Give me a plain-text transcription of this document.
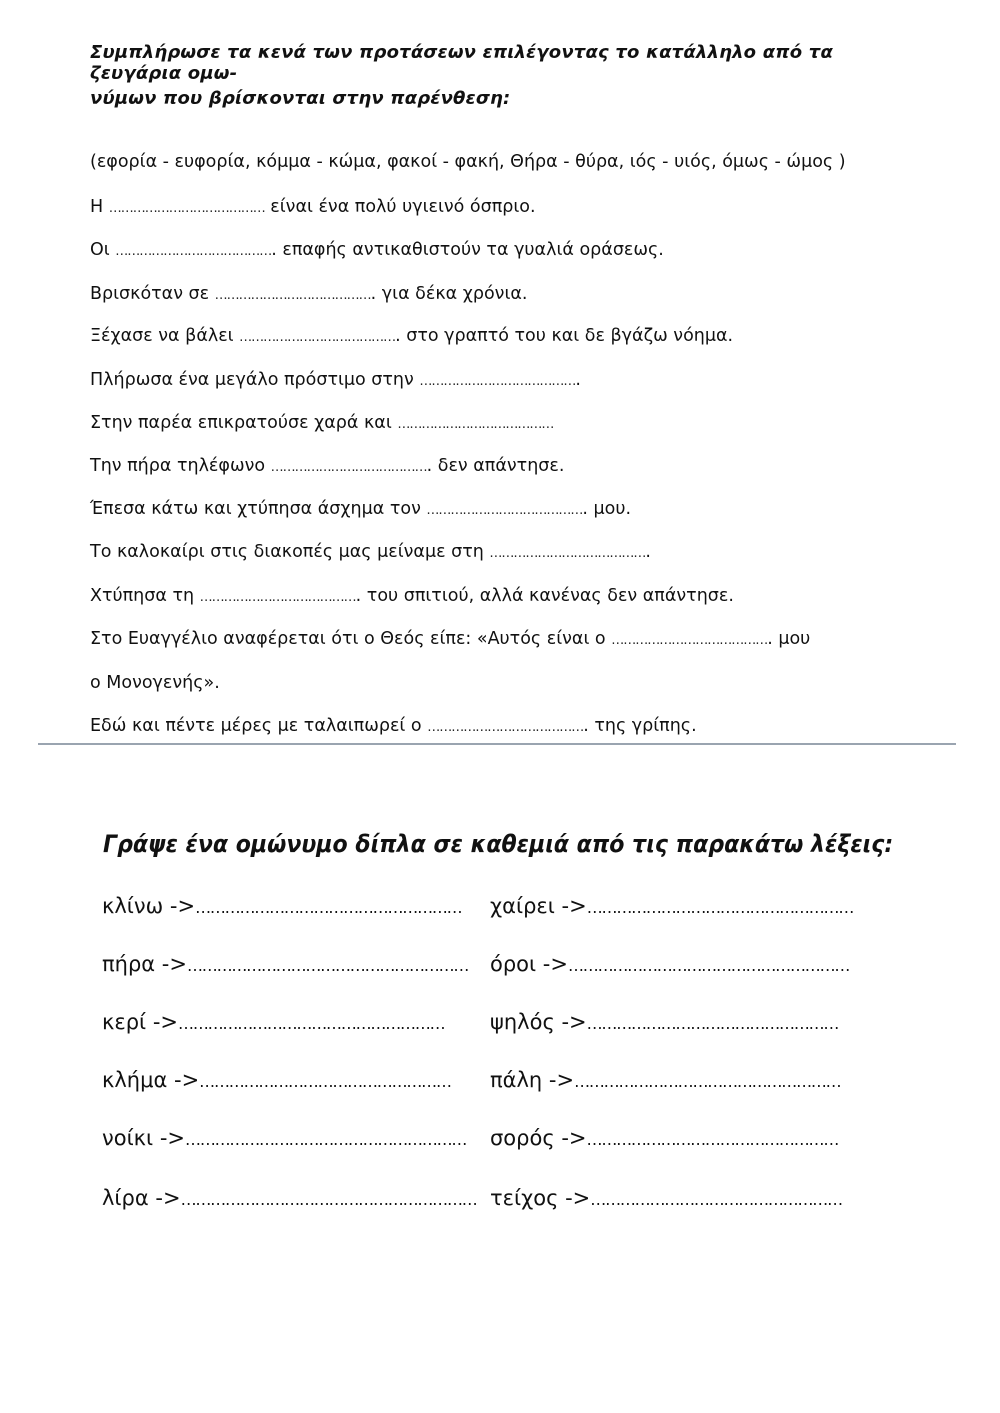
Συμπλήρωσε τα κενά των προτάσεων επιλέγοντας το κατάλληλο από τα ζευγάρια ομω-
νύμων που βρίσκονται στην παρένθεση:
(εφορία - ευφορία, κόμμα - κώμα, φακοί - φακή, Θήρα - θύρα, ιός - υιός, όμως - ώμος )
Η ………………………………… είναι ένα πολύ υγιεινό όσπριο.
Οι …………………………………. επαφής αντικαθιστούν τα γυαλιά οράσεως.
Βρισκόταν σε …………………………………. για δέκα χρόνια.
Ξέχασε να βάλει …………………………………. στο γραπτό του και δε βγάζω νόημα.
Πλήρωσα ένα μεγάλο πρόστιμο στην ………………………………….
Στην παρέα επικρατούσε χαρά και …………………………………
Την πήρα τηλέφωνο …………………………………. δεν απάντησε.
Έπεσα κάτω και χτύπησα άσχημα τον …………………………………. μου.
Το καλοκαίρι στις διακοπές μας μείναμε στη ………………………………….
Χτύπησα τη …………………………………. του σπιτιού, αλλά κανένας δεν απάντησε.
Στο Ευαγγέλιο αναφέρεται ότι ο Θεός είπε: «Αυτός είναι ο …………………………………. μου
ο Μονογενής».
Εδώ και πέντε μέρες με ταλαιπωρεί ο …………………………………. της γρίπης.
Γράψε ένα ομώνυμο δίπλα σε καθεμιά από τις παρακάτω λέξεις:
κλίνω ->……………………………………………… χαίρει ->………………………………………………
πήρα ->………………………………………………… όροι ->…………………………………………………
κερί ->……………………………………………… ψηλός ->……………………………………………
κλήμα ->…………………………………………… πάλη ->………………………………………………
νοίκι ->………………………………………………… σορός ->……………………………………………
λίρα ->…………………………………………………… τείχος ->……………………………………………
